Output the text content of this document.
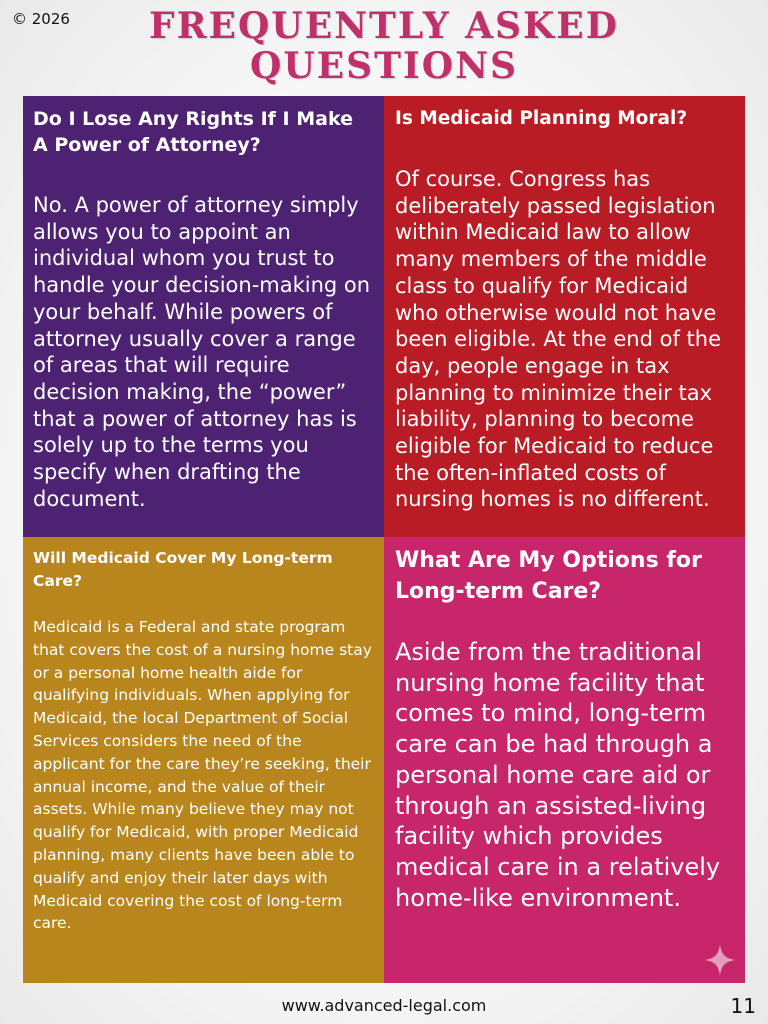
© 2026	FREQUENTLY ASKED
QUESTIONS

Do I Lose Any Rights If I Make A Power of Attorney?

No. A power of attorney simply allows you to appoint an individual whom you trust to handle your decision-making on your behalf. While powers of attorney usually cover a range of areas that will require decision making, the “power” that a power of attorney has is solely up to the terms you specify when drafting the document.

Is Medicaid Planning Moral?

Of course. Congress has deliberately passed legislation within Medicaid law to allow many members of the middle class to qualify for Medicaid who otherwise would not have been eligible. At the end of the day, people engage in tax planning to minimize their tax liability, planning to become eligible for Medicaid to reduce the often-inflated costs of nursing homes is no different.

Will Medicaid Cover My Long-term Care?

Medicaid is a Federal and state program that covers the cost of a nursing home stay or a personal home health aide for qualifying individuals. When applying for Medicaid, the local Department of Social Services considers the need of the applicant for the care they’re seeking, their annual income, and the value of their assets. While many believe they may not qualify for Medicaid, with proper Medicaid planning, many clients have been able to qualify and enjoy their later days with Medicaid covering the cost of long-term care.

What Are My Options for Long-term Care?

Aside from the traditional nursing home facility that comes to mind, long-term care can be had through a personal home care aid or through an assisted-living facility which provides medical care in a relatively home-like environment.

www.advanced-legal.com	11
